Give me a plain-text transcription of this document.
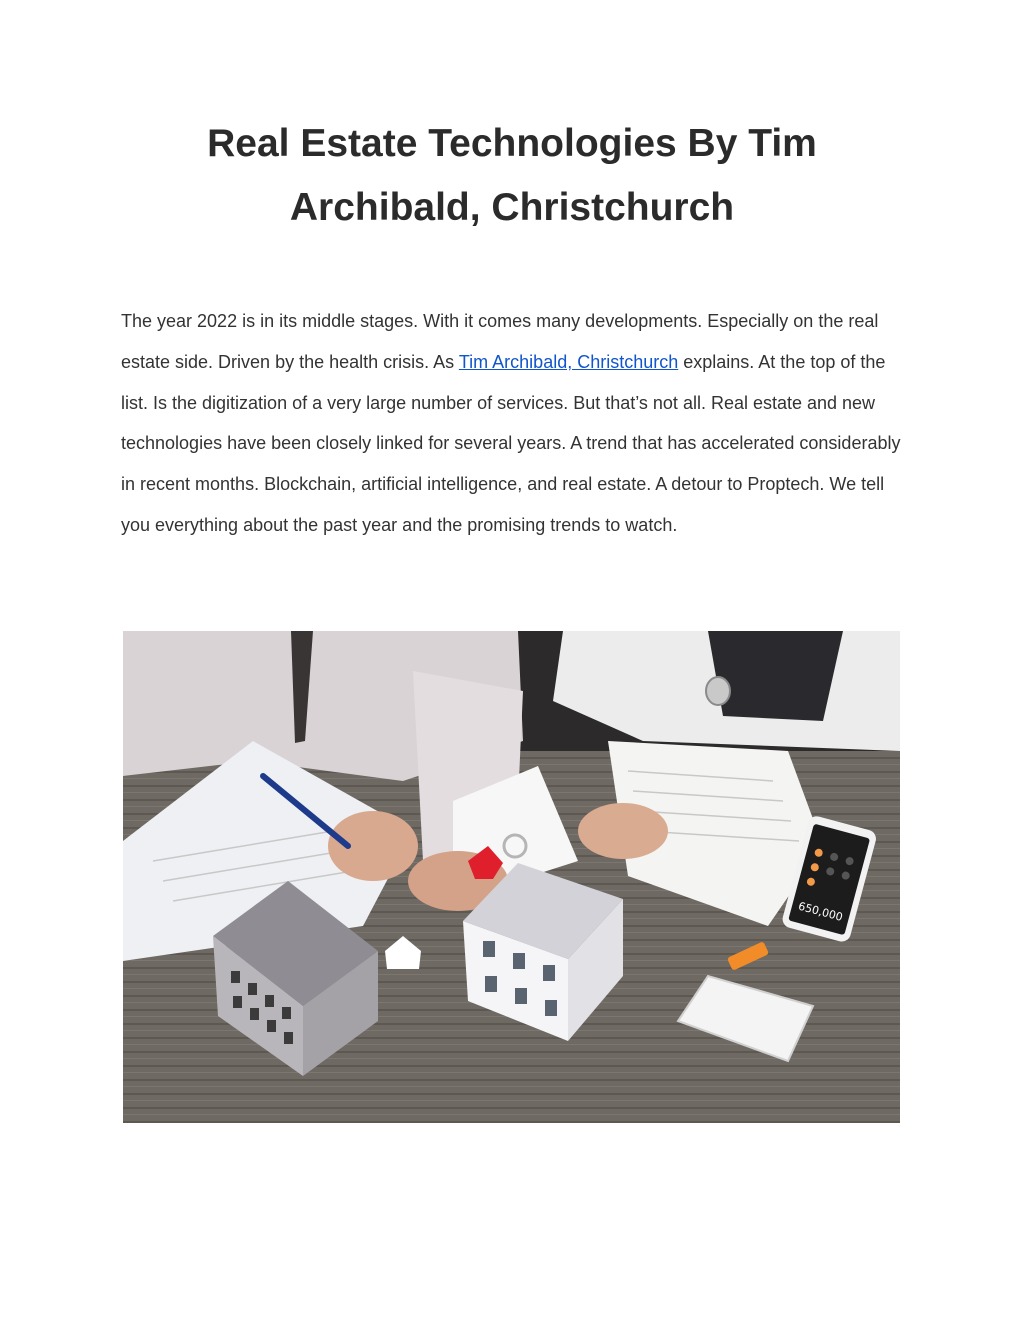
Real Estate Technologies By Tim Archibald, Christchurch

The year 2022 is in its middle stages. With it comes many developments. Especially on the real estate side. Driven by the health crisis. As Tim Archibald, Christchurch explains. At the top of the list. Is the digitization of a very large number of services. But that’s not all. Real estate and new technologies have been closely linked for several years. A trend that has accelerated considerably in recent months. Blockchain, artificial intelligence, and real estate. A detour to Proptech. We tell you everything about the past year and the promising trends to watch.

650,000
